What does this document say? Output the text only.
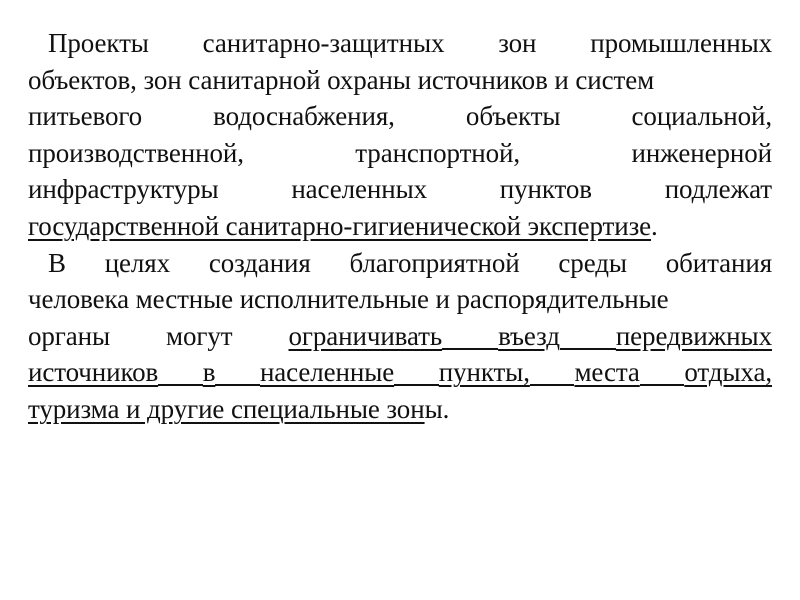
Проекты санитарно-защитных зон промышленных
объектов, зон санитарной охраны источников и систем
питьевого	водоснабжения,	объекты	социальной,
производственной,	транспортной,	инженерной
инфраструктуры	населенных	пунктов	подлежат
государственной санитарно-гигиенической экспертизе .
В целях создания благоприятной среды обитания
человека местные исполнительные и распорядительные
органы могут ограничивать въезд передвижных
источников в населенные пункты, места отдыха,
туризма и другие специальные зон ы.
